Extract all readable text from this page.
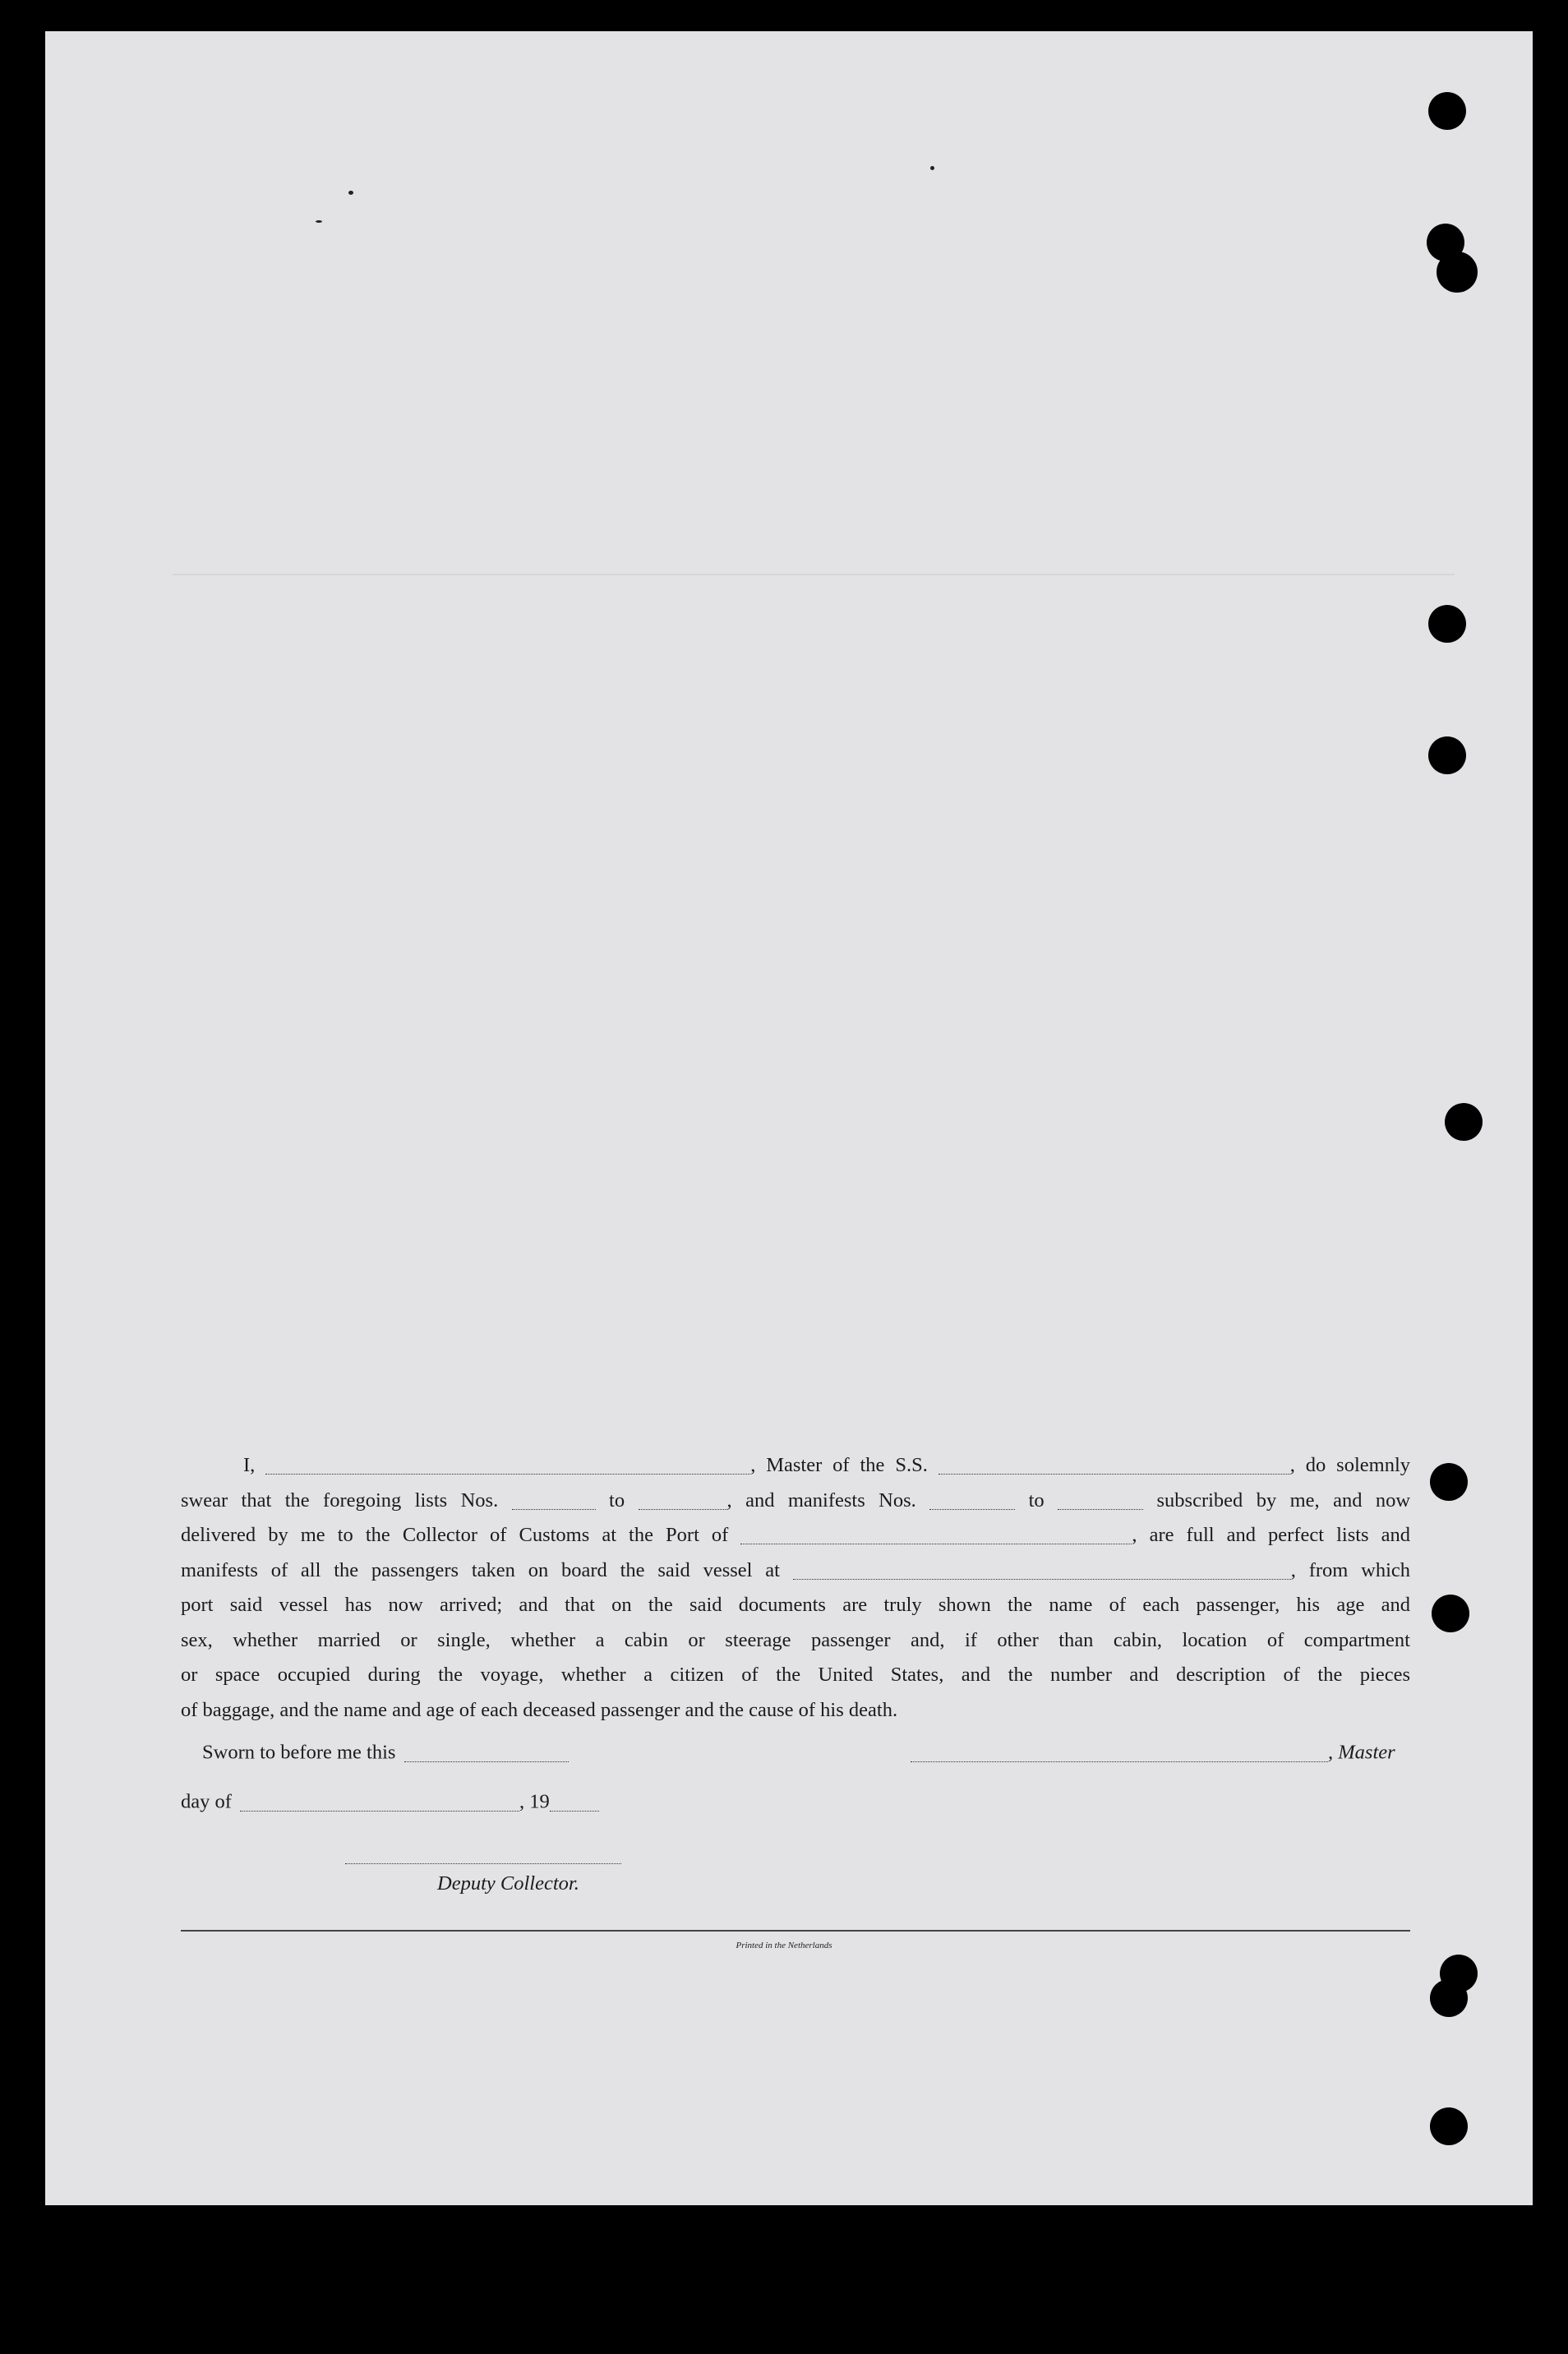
I,	, Master of the S.S.	, do solemnly

swear that the foregoing lists Nos.	to	, and manifests Nos.	to	subscribed by me, and now

delivered by me to the Collector of Customs at the Port of	, are full and perfect lists and

manifests of all the passengers taken on board the said vessel at	, from which

port said vessel has now arrived; and that on the said documents are truly shown the name of each passenger, his age and

sex, whether married or single, whether a cabin or steerage passenger and, if other than cabin, location of compartment

or space occupied during the voyage, whether a citizen of the United States, and the number and description of the pieces

of baggage, and the name and age of each deceased passenger and the cause of his death.

Sworn to before me this	, Master
day of	, 19
Deputy Collector.
Printed in the Netherlands
